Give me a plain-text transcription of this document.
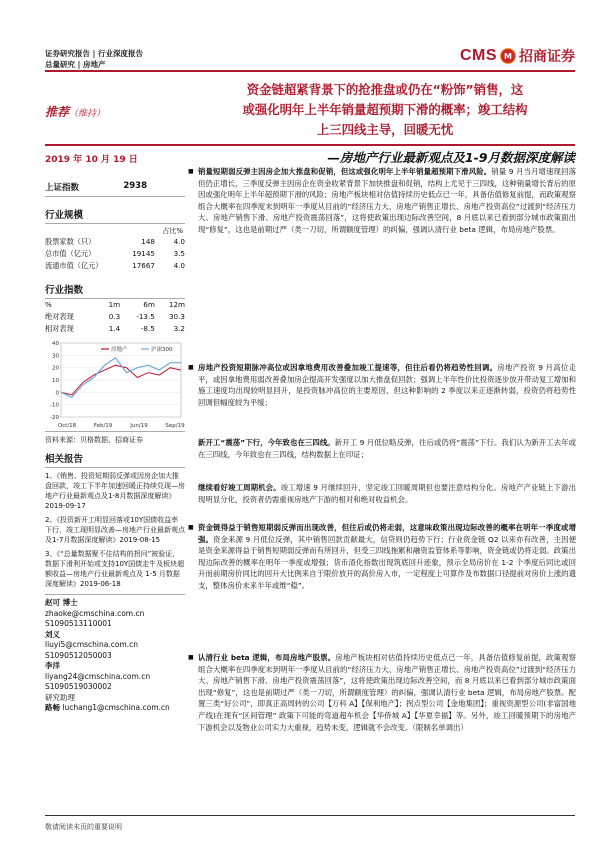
证券研究报告 | 行业深度报告
总量研究 | 房地产
CMS M 招商证券
资金链超紧背景下的抢推盘或仍在“粉饰”销售，这
或强化明年上半年销量超预期下滑的概率；竣工结构
上三四线主导，回暖无忧
推荐（维持）
2019 年 10 月 19 日	—房地产行业最新观点及1-9月数据深度解读
上证指数	2938
行业规模
占比%
股票家数（只）	148	4.0
总市值（亿元）	19145	3.5
流通市值（亿元）	17667	4.0
行业指数
%	1m	6m	12m
绝对表现	0.3	-13.5	30.3
相对表现	1.4	-8.5	3.2
40
30
20
10
0
-10
-20
Oct/18	Feb/19	Jun/19	Sep/19
房地产	沪深300
资料来源：贝格数据、招商证券
相关报告
1、《销售、投资短期弱反弹或因房企加大推盘回款，竣工下半年加速回暖正持续兑现—房地产行业最新观点及1-8月数据深度解读》2019-09-17
2、《投资新开工明显回落或10Y国债收益率下行，竣工现明显改善—房地产行业最新观点及1-7月数据深度解读》2019-08-15
3、《“总量数据聚不住结构的拐问”被验证，数据下滑利开始或支持10Y国债走牛及板块超额收益—房地产行业最新观点及 1-5 月数据深度解读》2019-06-18
赵可 博士
zhaoke@cmschina.com.cn
S1090513110001
刘义
liuyi5@cmschina.com.cn
S1090512050003
李洋
liyang24@cmschina.com.cn
S1090519030002
研究助理
路畅 luchang1@cmschina.com.cn
■ 销量短期弱反弹主因房企加大推盘和促销，但这或强化明年上半年销量超预期下滑风险。销量 9 月当月增速现回落但仍正增长，三季度反弹主因房企在资金收紧背景下加快推盘和促销，结构上尤见于三四线，这种销量增长背后的原因或强化明年上半年超预期下滑的风险；房地产板块相对估值持续历史低点已一年，具备估值修复前提，而政策观察组合大概率在四季度末到明年一季度从目前的“经济压力大、房地产销售正增长、房地产投资高位”过渡到“经济压力大、房地产销售下滑、房地产投资震荡回落”，这将使政策出现边际改善空间，8 月底以来已看到部分城市政策面出现“修复”，这也是前期过严（类一刀切，所谓额度管理）的纠偏，强调认清行业 beta 逻辑，布局房地产股票。
■ 房地产投资短期脉冲高位或因拿地费用改善叠加竣工提速等，但往后看仍将趋势性回调。房地产投资 9 月高位走平，或因拿地费用弱改善叠加房企提高开发强度以加大推盘促回款；强调上半年性价比投资逐步放开带动复工增加和施工速度均出现较明显回升，是投资脉冲高位的主要原因，但这种影响的 2 季度以来正逐渐转弱，投资仍将趋势性回调但幅度较为平缓；
新开工“震荡”下行，今年致也在三四线。新开工 9 月低位略反弹，往后或仍将“震荡”下行。我们认为新开工去年或在三四线，今年致也在三四线，结构数据上在印证；
继续看好竣工周期机会。竣工增速 9 月继续回升，坚定竣工回暖周期但也要注意结构分化。房地产产业链上下游出现明显分化，投资者仍需重视房地产下游的相对和绝对收益机会。
■ 资金链得益于销售短期弱反弹而出现改善，但往后或仍将走弱，这意味政策出现边际改善的概率在明年一季度或增强。资金来源 9 月低位反弹，其中销售回款贡献最大，信贷则仍趋势下行；行业资金链 Q2 以来亦有改善，主因便是资金来源得益于销售短期弱反弹而有所回升，但受三四线拖累和融资监管体系等影响，资金链或仍将走弱。政策出现边际改善的概率在明年一季度或增强；货币渣化指数出现筑底回升迹象，预示全局房价在 1-2 个季度后同比或回升而前期房价同比的回升大比例来自于限价放开的高价房入市，一定程度上可算作及布数据口径提前对房价上涨的遗支，整体房价未来半年或维“稳”。
■ 认清行业 beta 逻辑，布局房地产股票。房地产板块相对估值持续历史低点已一年，具备估值修复前提，政策观察组合大概率在四季度末到明年一季度从目前的“经济压力大、房地产销售正增长、房地产投资高位”过渡到“经济压力大、房地产销售下滑、房地产投资震荡回落”，这将使政策出现边际改善空间，而 8 月底以来已看到部分城市政策面出现“修复”，这也是前期过严（类一刀切，所谓额度管理）的纠偏，强调认清行业 beta 逻辑，布局房地产股票。配置三类“好公司”，即真正高周转的公司【万科 A】【保利地产】；拐点型公司【金地集团】；重视资源型公司(非富国地产线)在现有“区间管理” 政策下可能的弯道超车机会【华侨城 A】【华夏幸福】等。另外，竣工回暖预期下的房地产下游机会以及物业公司实力大重视，趋势未变，逻辑就不会改变。（限制名单调出）
敬请阅读末页的重要说明
